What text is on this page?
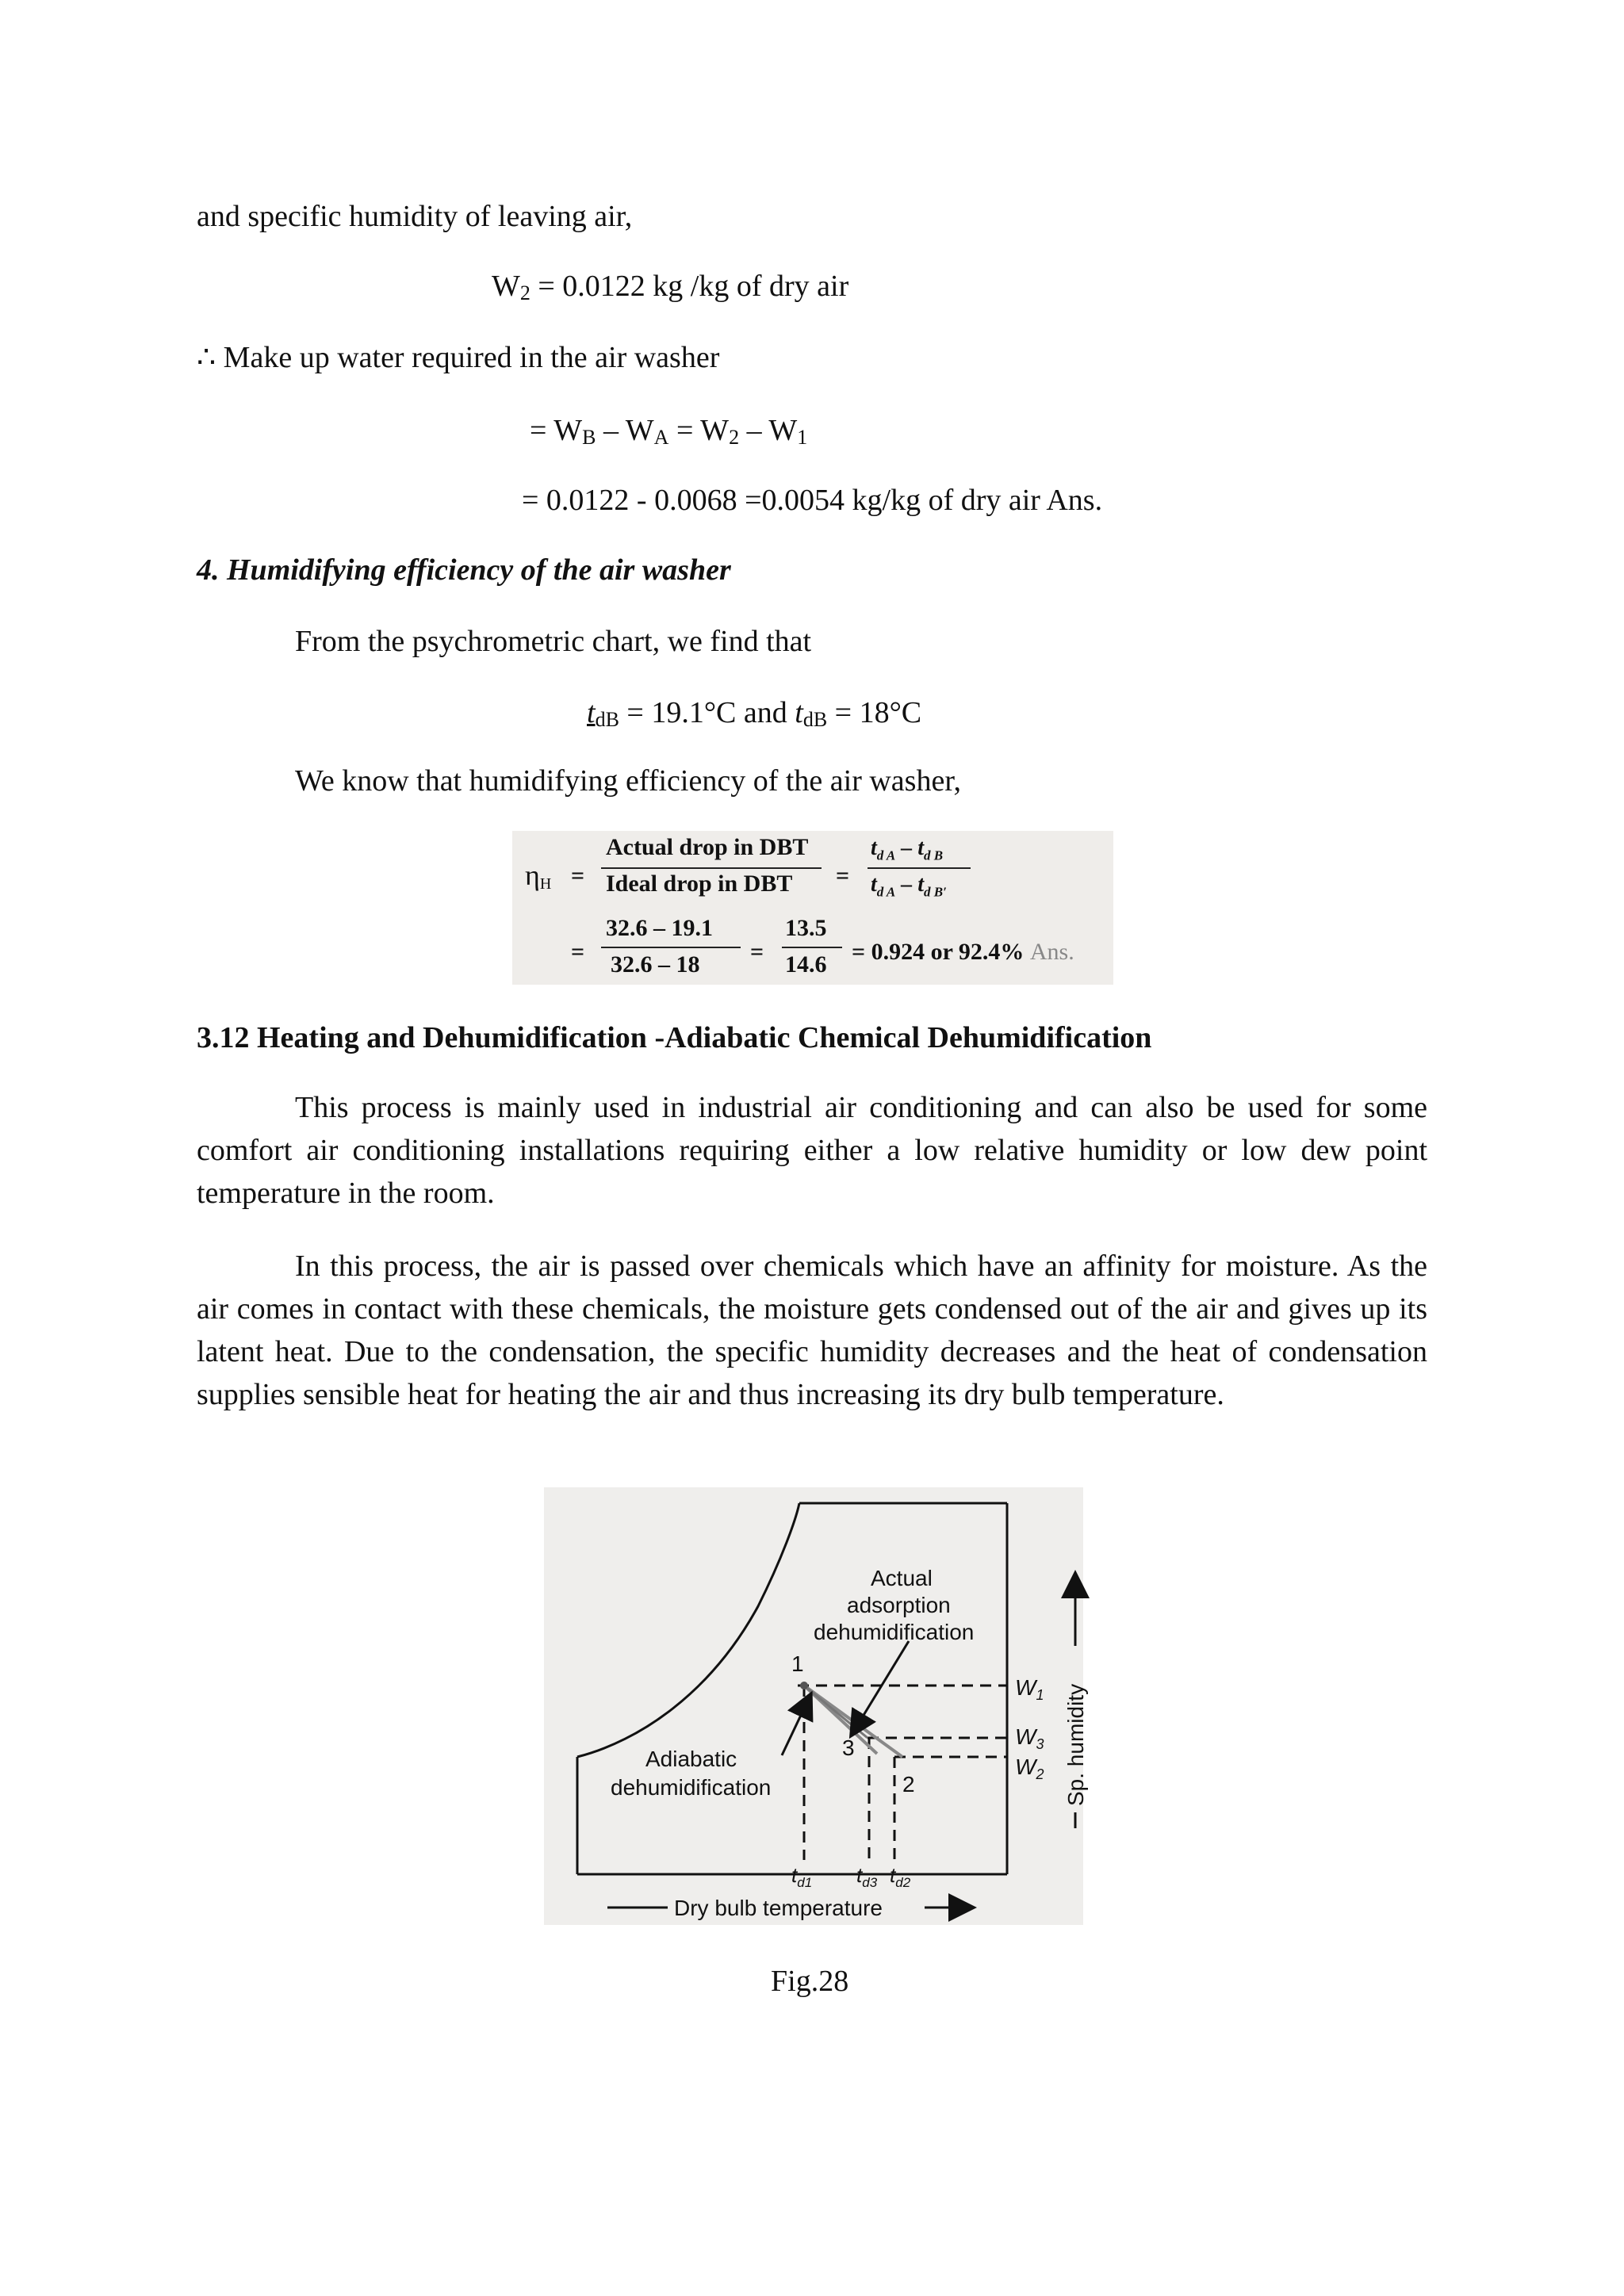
and specific humidity of leaving air,
$W_2 = 0.0122$ kg /kg of dry air
∴ Make up water required in the air washer
= $W_B - W_A = W_2 - W_1$
= 0.0122 - 0.0068 =0.0054 kg/kg of dry air Ans.
4. Humidifying efficiency of the air washer
From the psychrometric chart, we find that
$t_{dB} = 19.1^\circ C$ and $t_{dB} = 18^\circ C$
We know that humidifying efficiency of the air washer,
$\eta_H$ =
Actual drop in DBT
Ideal drop in DBT =
$t_{d A} - t_{d B}$
$t_{d A} - t_{d B'}$
=
32.6 – 19.1
32.6 – 18 =
13.5
14.6 = 0.924 or 92.4% Ans.
3.12 Heating and Dehumidification -Adiabatic Chemical Dehumidification
This process is mainly used in industrial air conditioning and can also be used for some comfort air conditioning installations requiring either a low relative humidity or low dew point temperature in the room.
In this process, the air is passed over chemicals which have an affinity for moisture. As the air comes in contact with these chemicals, the moisture gets condensed out of the air and gives up its latent heat. Due to the condensation, the specific humidity decreases and the heat of condensation supplies sensible heat for heating the air and thus increasing its dry bulb temperature.
Actual
adsorption
dehumidification
Adiabatic
dehumidification
1
3
2
$W_1$
$W_3$
$W_2$
$t_{d1}$ $t_{d3}$ $t_{d2}$
Dry bulb temperature
Sp. humidity
Fig.28
